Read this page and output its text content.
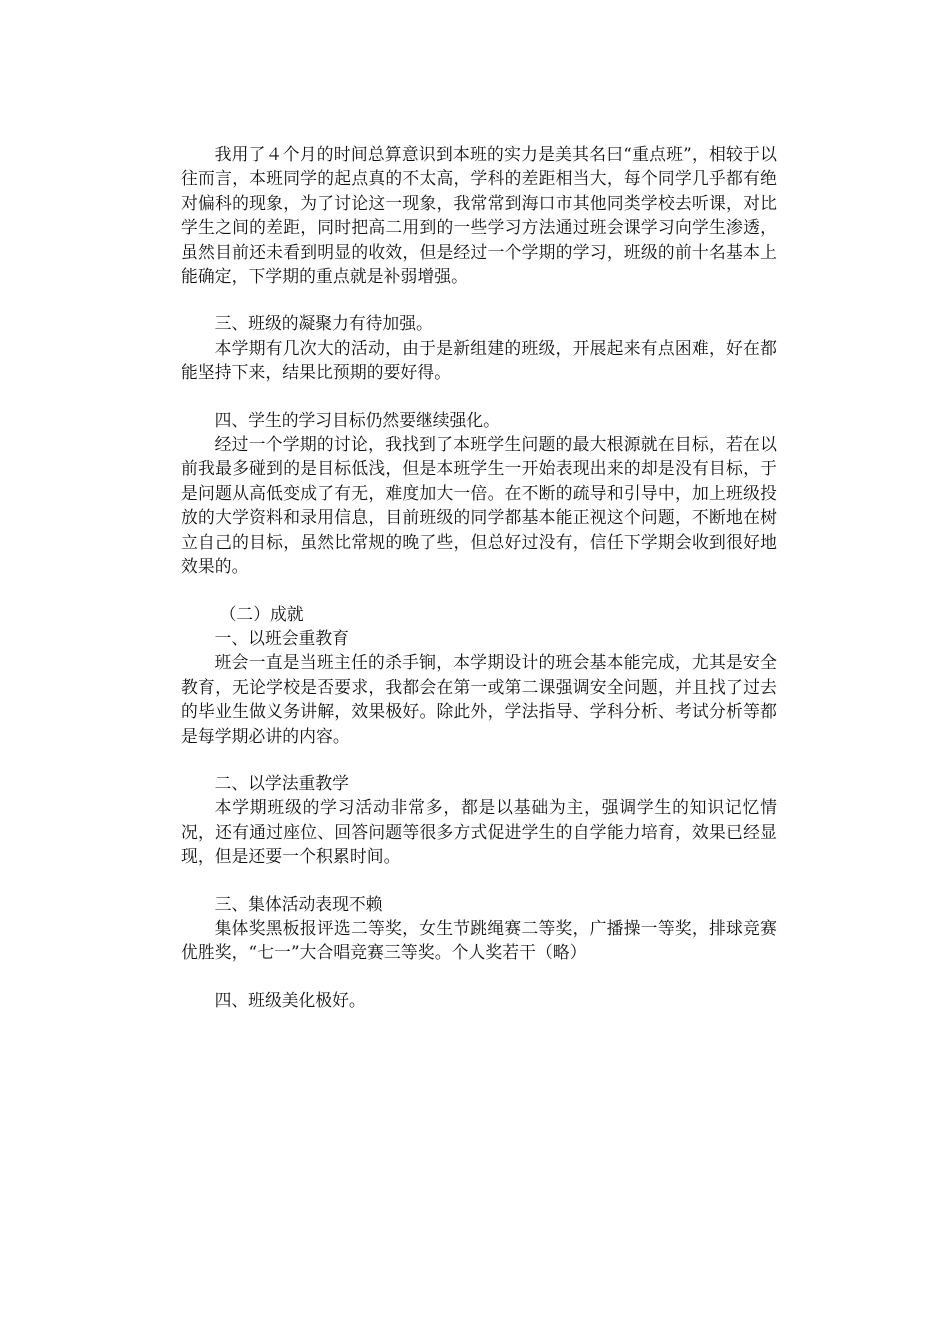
我用了４个月的时间总算意识到本班的实力是美其名曰“重点班”，相较于以往而言，本班同学的起点真的不太高，学科的差距相当大，每个同学几乎都有绝对偏科的现象，为了讨论这一现象，我常常到海口市其他同类学校去听课，对比学生之间的差距，同时把高二用到的一些学习方法通过班会课学习向学生渗透，虽然目前还未看到明显的收效，但是经过一个学期的学习，班级的前十名基本上能确定，下学期的重点就是补弱增强。

三、班级的凝聚力有待加强。

本学期有几次大的活动，由于是新组建的班级，开展起来有点困难，好在都能坚持下来，结果比预期的要好得。

四、学生的学习目标仍然要继续强化。

经过一个学期的讨论，我找到了本班学生问题的最大根源就在目标，若在以前我最多碰到的是目标低浅，但是本班学生一开始表现出来的却是没有目标，于是问题从高低变成了有无，难度加大一倍。在不断的疏导和引导中，加上班级投放的大学资料和录用信息，目前班级的同学都基本能正视这个问题，不断地在树立自己的目标，虽然比常规的晚了些，但总好过没有，信任下学期会收到很好地效果的。

（二）成就

一、以班会重教育

班会一直是当班主任的杀手锏，本学期设计的班会基本能完成，尤其是安全教育，无论学校是否要求，我都会在第一或第二课强调安全问题，并且找了过去的毕业生做义务讲解，效果极好。除此外，学法指导、学科分析、考试分析等都是每学期必讲的内容。

二、以学法重教学

本学期班级的学习活动非常多，都是以基础为主，强调学生的知识记忆情况，还有通过座位、回答问题等很多方式促进学生的自学能力培育，效果已经显现，但是还要一个积累时间。

三、集体活动表现不赖

集体奖黑板报评选二等奖，女生节跳绳赛二等奖，广播操一等奖，排球竞赛优胜奖，“七一”大合唱竞赛三等奖。个人奖若干（略）

四、班级美化极好。
